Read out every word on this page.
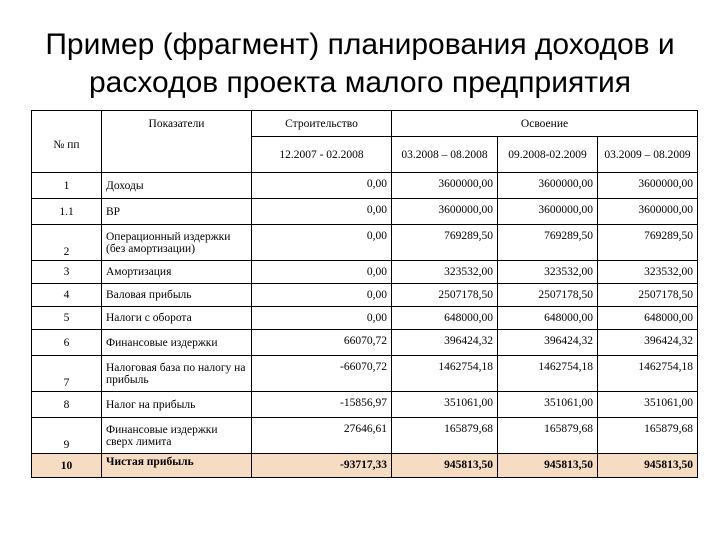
Пример (фрагмент) планирования доходов и
расходов проекта малого предприятия
	Показатели	Строительство	Освоение		
№ пп		12.2007 - 02.2008	03.2008 – 08.2008	09.2008-02.2009	03.2009 – 08.2009
1	Доходы	0,00	3600000,00	3600000,00	3600000,00
1.1	ВР	0,00	3600000,00	3600000,00	3600000,00
2	Операционный издержки (без амортизации)	0,00	769289,50	769289,50	769289,50
3	Амортизация	0,00	323532,00	323532,00	323532,00
4	Валовая прибыль	0,00	2507178,50	2507178,50	2507178,50
5	Налоги с оборота	0,00	648000,00	648000,00	648000,00
6	Финансовые издержки	66070,72	396424,32	396424,32	396424,32
7	Налоговая база по налогу на прибыль	-66070,72	1462754,18	1462754,18	1462754,18
8	Налог на прибыль	-15856,97	351061,00	351061,00	351061,00
9	Финансовые издержки сверх лимита	27646,61	165879,68	165879,68	165879,68
10	Чистая прибыль	-93717,33	945813,50	945813,50	945813,50
